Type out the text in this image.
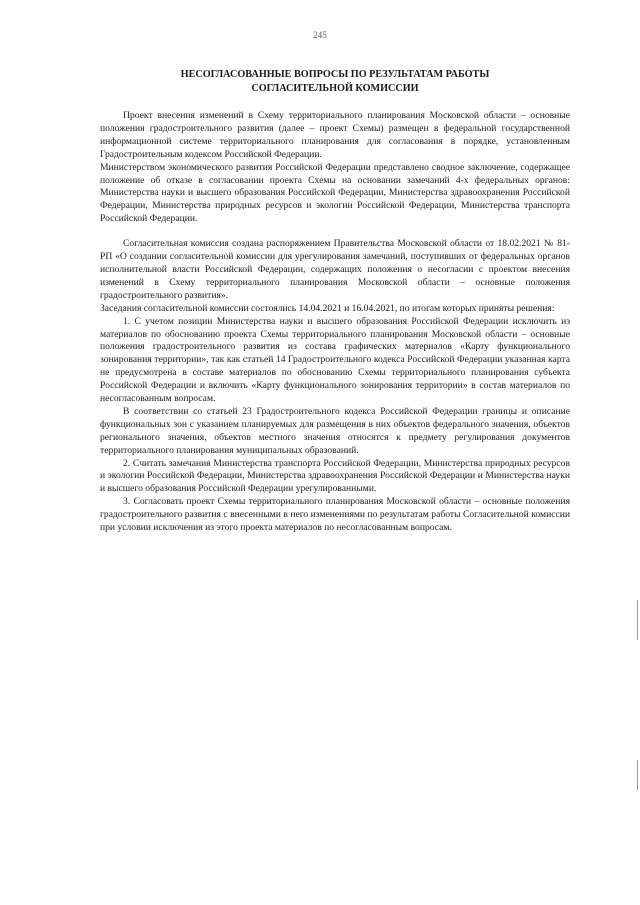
245
НЕСОГЛАСОВАННЫЕ ВОПРОСЫ ПО РЕЗУЛЬТАТАМ РАБОТЫ
СОГЛАСИТЕЛЬНОЙ КОМИССИИ

Проект внесения изменений в Схему территориального планирования Московской области – основные положения градостроительного развития (далее – проект Схемы) размещен в федеральной государственной информационной системе территориального планирования для согласования в порядке, установленным Градостроительным кодексом Российской Федерации.

Министерством экономического развития Российской Федерации представлено сводное заключение, содержащее положение об отказе в согласовании проекта Схемы на основании замечаний 4-х федеральных органов: Министерства науки и высшего образования Российской Федерации, Министерства здравоохранения Российской Федерации, Министерства природных ресурсов и экологии Российской Федерации, Министерства транспорта Российской Федерации.

Согласительная комиссия создана распоряжением Правительства Московской области от 18.02.2021 № 81-РП «О создании согласительной комиссии для урегулирования замечаний, поступивших от федеральных органов исполнительной власти Российской Федерации, содержащих положения о несогласии с проектом внесения изменений в Схему территориального планирования Московской области – основные положения градостроительного развития».

Заседания согласительной комиссии состоялись 14.04.2021 и 16.04.2021, по итогам которых приняты решения:

1. С учетом позиции Министерства науки и высшего образования Российской Федерации исключить из материалов по обоснованию проекта Схемы территориального планирования Московской области – основные положения градостроительного развития из состава графических материалов «Карту функционального зонирования территории», так как статьей 14 Градостроительного кодекса Российской Федерации указанная карта не предусмотрена в составе материалов по обоснованию Схемы территориального планирования субъекта Российской Федерации и включить «Карту функционального зонирования территории» в состав материалов по несогласованным вопросам.

В соответствии со статьей 23 Градостроительного кодекса Российской Федерации границы и описание функциональных зон с указанием планируемых для размещения в них объектов федерального значения, объектов регионального значения, объектов местного значения относятся к предмету регулирования документов территориального планирования муниципальных образований.

2. Считать замечания Министерства транспорта Российской Федерации, Министерства природных ресурсов и экологии Российской Федерации, Министерства здравоохранения Российской Федерации и Министерства науки и высшего образования Российской Федерации урегулированными.

3. Согласовать проект Схемы территориального планирования Московской области – основные положения градостроительного развития с внесенными в него изменениями по результатам работы Согласительной комиссии при условии исключения из этого проекта материалов по несогласованным вопросам.
